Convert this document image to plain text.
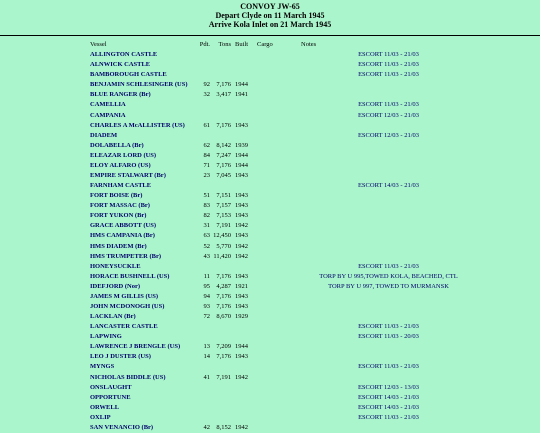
CONVOY JW-65
Depart Clyde on 11 March 1945
Arrive Kola Inlet on 21 March 1945
Vessel	Pdt.	Tons	Built	Cargo	Notes
ALLINGTON CASTLE					ESCORT 11/03 - 21/03
ALNWICK CASTLE					ESCORT 11/03 - 21/03
BAMBOROUGH CASTLE					ESCORT 11/03 - 21/03
BENJAMIN SCHLESINGER (US)	92	7,176	1944		
BLUE RANGER (Br)	32	3,417	1941		
CAMELLIA					ESCORT 11/03 - 21/03
CAMPANIA					ESCORT 12/03 - 21/03
CHARLES A McALLISTER (US)	61	7,176	1943		
DIADEM					ESCORT 12/03 - 21/03
DOLABELLA (Br)	62	8,142	1939		
ELEAZAR LORD (US)	84	7,247	1944		
ELOY ALFARO (US)	71	7,176	1944		
EMPIRE STALWART (Br)	23	7,045	1943		
FARNHAM CASTLE					ESCORT 14/03 - 21/03
FORT BOISE (Br)	51	7,151	1943		
FORT MASSAC (Br)	83	7,157	1943		
FORT YUKON (Br)	82	7,153	1943		
GRACE ABBOTT (US)	31	7,191	1942		
HMS CAMPANIA (Br)	63	12,450	1943		
HMS DIADEM (Br)	52	5,770	1942		
HMS TRUMPETER (Br)	43	11,420	1942		
HONEYSUCKLE					ESCORT 11/03 - 21/03
HORACE BUSHNELL (US)	11	7,176	1943		TORP BY U 995,TOWED KOLA, BEACHED, CTL
IDEFJORD (Nor)	95	4,287	1921		TORP BY U 997, TOWED TO MURMANSK
JAMES M GILLIS (US)	94	7,176	1943		
JOHN MCDONOGH (US)	93	7,176	1943		
LACKLAN (Br)	72	8,670	1929		
LANCASTER CASTLE					ESCORT 11/03 - 21/03
LAPWING					ESCORT 11/03 - 20/03
LAWRENCE J BRENGLE (US)	13	7,209	1944		
LEO J DUSTER (US)	14	7,176	1943		
MYNGS					ESCORT 11/03 - 21/03
NICHOLAS BIDDLE (US)	41	7,191	1942		
ONSLAUGHT					ESCORT 12/03 - 13/03
OPPORTUNE					ESCORT 14/03 - 21/03
ORWELL					ESCORT 14/03 - 21/03
OXLIP					ESCORT 11/03 - 21/03
SAN VENANCIO (Br)	42	8,152	1942		
